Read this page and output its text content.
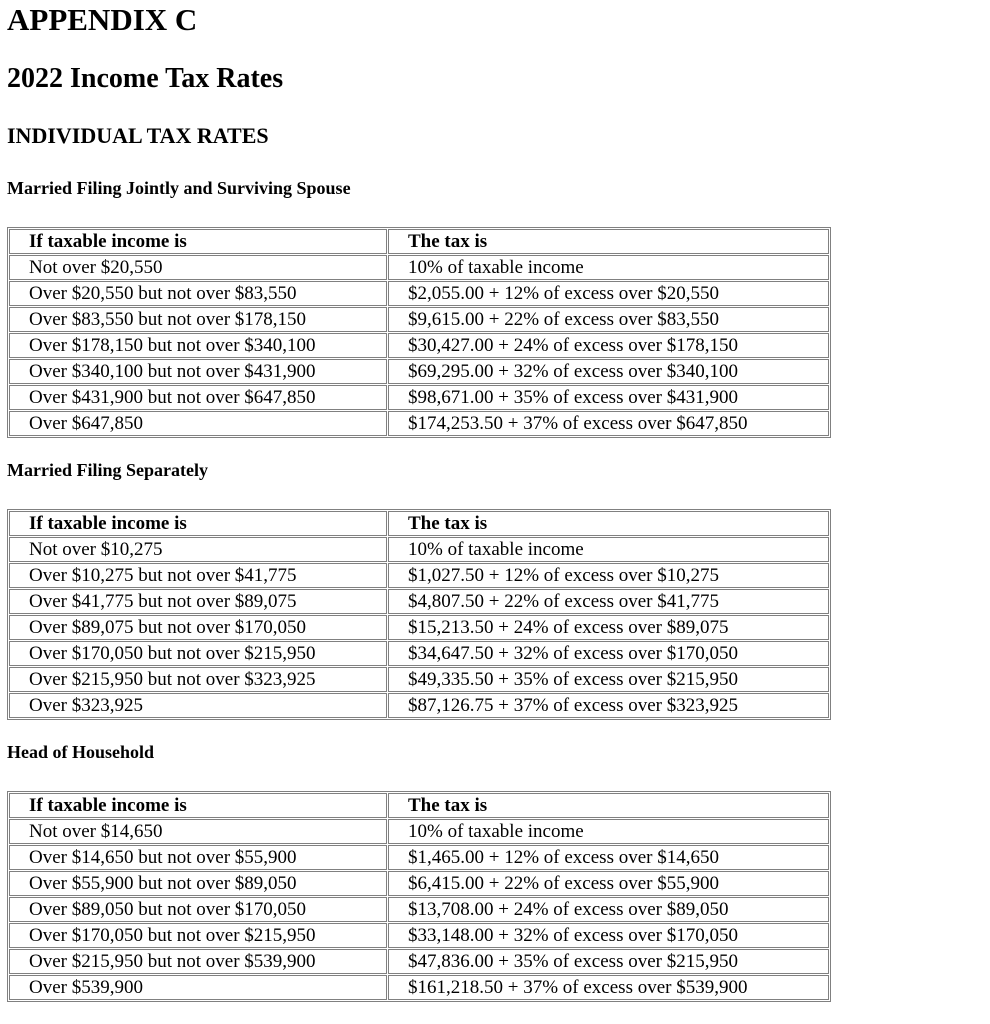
APPENDIX C
2022 Income Tax Rates
INDIVIDUAL TAX RATES
Married Filing Jointly and Surviving Spouse
If taxable income is	The tax is
Not over $20,550	10% of taxable income
Over $20,550 but not over $83,550	$2,055.00 + 12% of excess over $20,550
Over $83,550 but not over $178,150	$9,615.00 + 22% of excess over $83,550
Over $178,150 but not over $340,100	$30,427.00 + 24% of excess over $178,150
Over $340,100 but not over $431,900	$69,295.00 + 32% of excess over $340,100
Over $431,900 but not over $647,850	$98,671.00 + 35% of excess over $431,900
Over $647,850	$174,253.50 + 37% of excess over $647,850
Married Filing Separately
If taxable income is	The tax is
Not over $10,275	10% of taxable income
Over $10,275 but not over $41,775	$1,027.50 + 12% of excess over $10,275
Over $41,775 but not over $89,075	$4,807.50 + 22% of excess over $41,775
Over $89,075 but not over $170,050	$15,213.50 + 24% of excess over $89,075
Over $170,050 but not over $215,950	$34,647.50 + 32% of excess over $170,050
Over $215,950 but not over $323,925	$49,335.50 + 35% of excess over $215,950
Over $323,925	$87,126.75 + 37% of excess over $323,925
Head of Household
If taxable income is	The tax is
Not over $14,650	10% of taxable income
Over $14,650 but not over $55,900	$1,465.00 + 12% of excess over $14,650
Over $55,900 but not over $89,050	$6,415.00 + 22% of excess over $55,900
Over $89,050 but not over $170,050	$13,708.00 + 24% of excess over $89,050
Over $170,050 but not over $215,950	$33,148.00 + 32% of excess over $170,050
Over $215,950 but not over $539,900	$47,836.00 + 35% of excess over $215,950
Over $539,900	$161,218.50 + 37% of excess over $539,900
